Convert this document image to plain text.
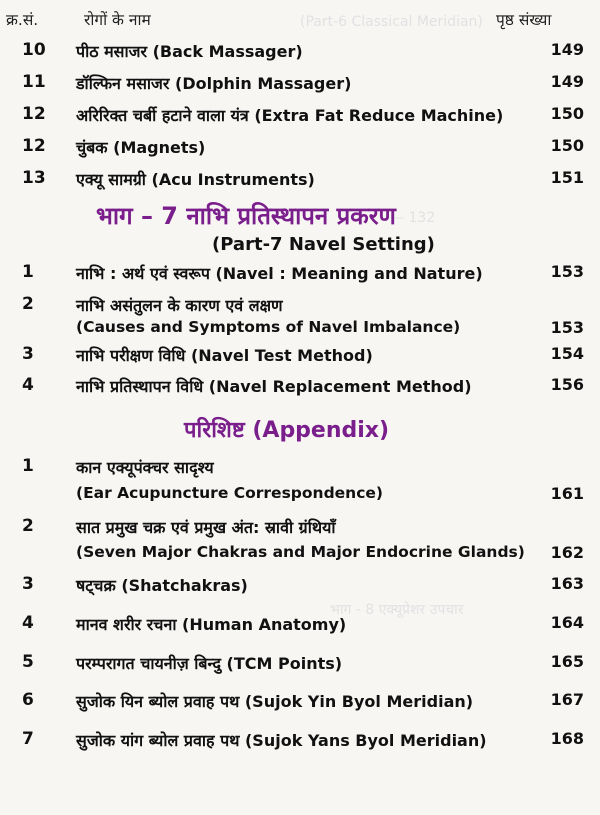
(Part-6 Classical Meridian)
— 132
भाग - 8 एक्यूप्रेशर उपचार
क्र.सं.	रोगों के नाम	पृष्ठ संख्या
10	पीठ मसाजर (Back Massager)	149
11	डॉल्फिन मसाजर (Dolphin Massager)	149
12	अरिरिक्त चर्बी हटाने वाला यंत्र (Extra Fat Reduce Machine)	150
12	चुंबक (Magnets)	150
13	एक्यू सामग्री (Acu Instruments)	151
भाग – 7 नाभि प्रतिस्थापन प्रकरण
(Part-7 Navel Setting)
1	नाभि : अर्थ एवं स्वरूप (Navel : Meaning and Nature)	153
2	नाभि असंतुलन के कारण एवं लक्षण
(Causes and Symptoms of Navel Imbalance)	153
3	नाभि परीक्षण विधि (Navel Test Method)	154
4	नाभि प्रतिस्थापन विधि (Navel Replacement Method)	156
परिशिष्ट (Appendix)
1	कान एक्यूपंक्चर सादृश्य
(Ear Acupuncture Correspondence)	161
2	सात प्रमुख चक्र एवं प्रमुख अंत: स्रावी ग्रंथियाँ
(Seven Major Chakras and Major Endocrine Glands) 162
3	षट्चक्र (Shatchakras)	163
4	मानव शरीर रचना (Human Anatomy)	164
5	परम्परागत चायनीज़ बिन्दु (TCM Points)	165
6	सुजोक यिन ब्योल प्रवाह पथ (Sujok Yin Byol Meridian)	167
7	सुजोक यांग ब्योल प्रवाह पथ (Sujok Yans Byol Meridian)	168
